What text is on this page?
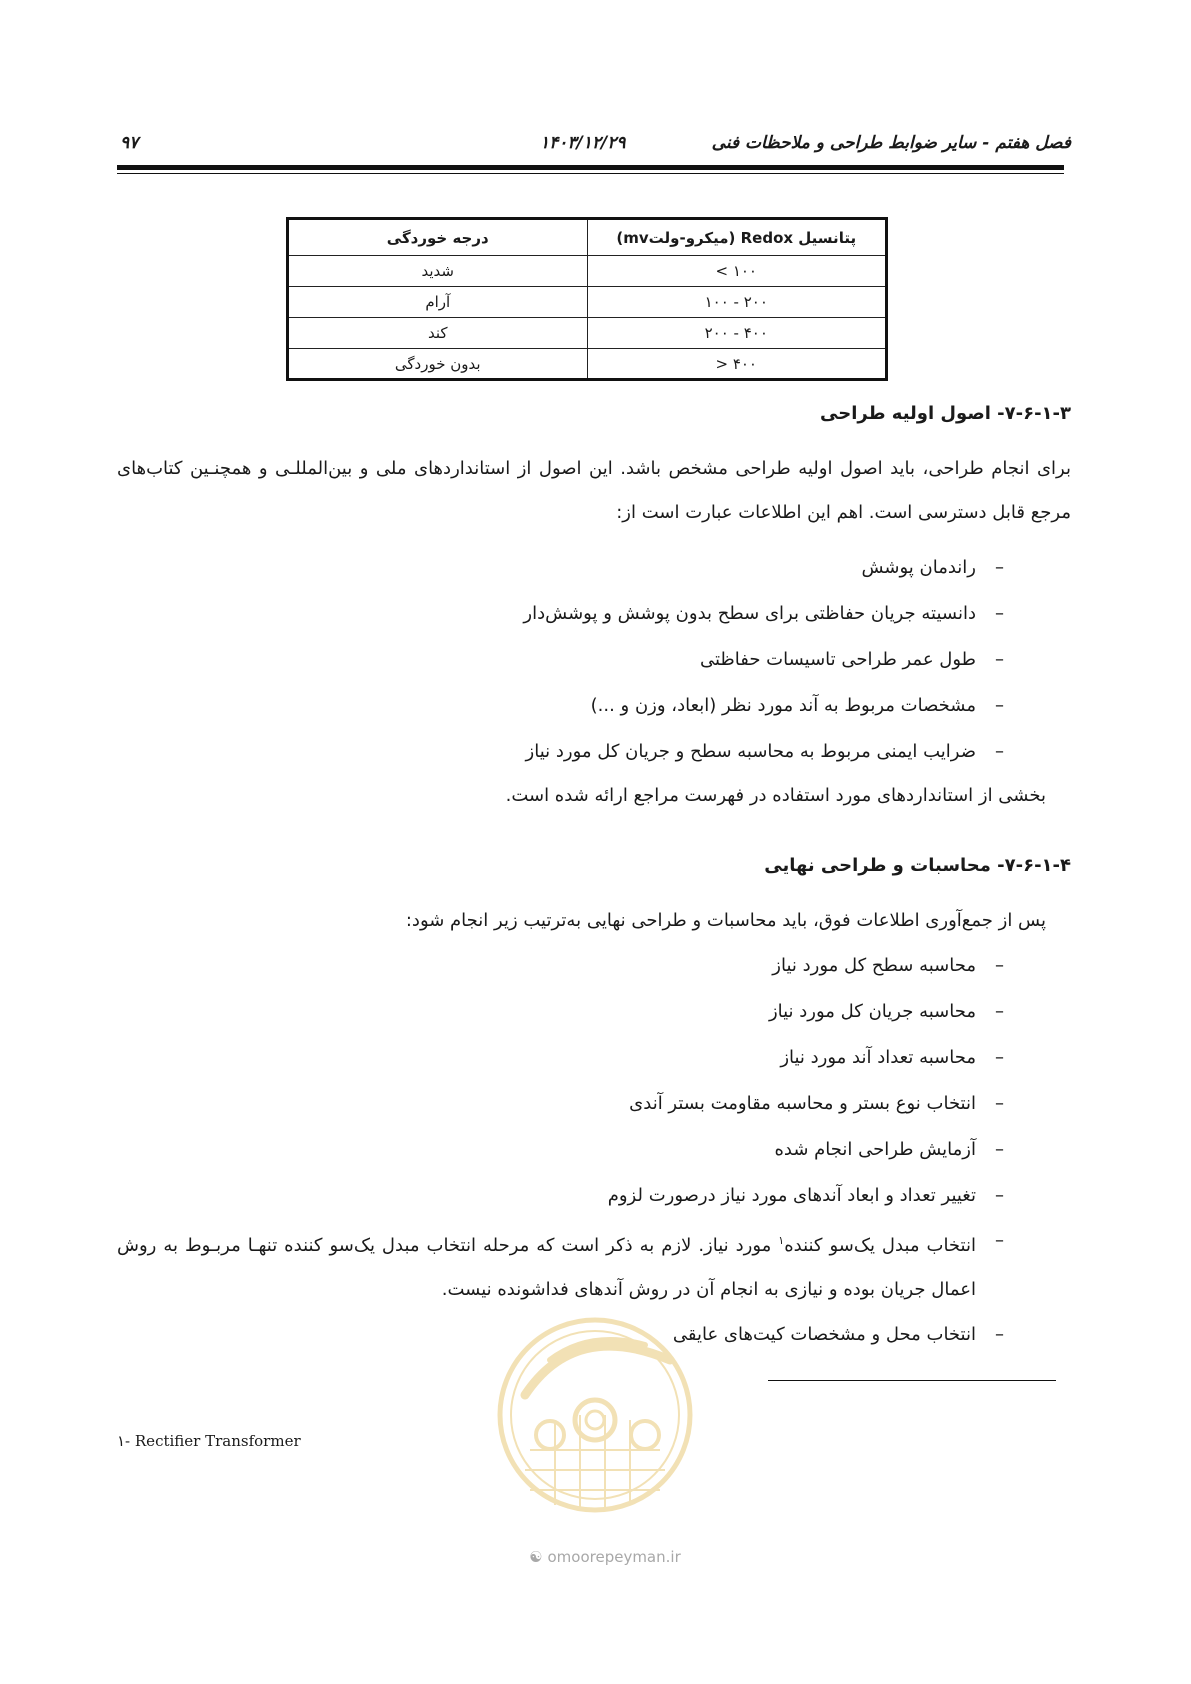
فصل هفتم - سایر ضوابط طراحی و ملاحظات فنی
۱۴۰۳/۱۲/۲۹
۹۷
پتانسیل Redox (میکرو-ولتmv)	درجه خوردگی
< ۱۰۰	شدید
۱۰۰ - ۲۰۰	آرام
۲۰۰ - ۴۰۰	کند
> ۴۰۰	بدون خوردگی
۷-۶-۱-۳- اصول اولیه طراحی
برای انجام طراحی، باید اصول اولیه طراحی مشخص باشد. این اصول از استانداردهای ملی و بین‌المللـی و همچنـین کتاب‌های مرجع قابل دسترسی است. اهم این اطلاعات عبارت است از:
–
راندمان پوشش
–
دانسیته جریان حفاظتی برای سطح بدون پوشش و پوشش‌دار
–
طول عمر طراحی تاسیسات حفاظتی
–
مشخصات مربوط به آند مورد نظر (ابعاد، وزن و ...)
–
ضرایب ایمنی مربوط به محاسبه سطح و جریان کل مورد نیاز
بخشی از استانداردهای مورد استفاده در فهرست مراجع ارائه شده است.
۷-۶-۱-۴- محاسبات و طراحی نهایی
پس از جمع‌آوری اطلاعات فوق، باید محاسبات و طراحی نهایی به‌ترتیب زیر انجام شود:
–
محاسبه سطح کل مورد نیاز
–
محاسبه جریان کل مورد نیاز
–
محاسبه تعداد آند مورد نیاز
–
انتخاب نوع بستر و محاسبه مقاومت بستر آندی
–
آزمایش طراحی انجام شده
–
تغییر تعداد و ابعاد آندهای مورد نیاز درصورت لزوم
–
انتخاب مبدل یک‌سو کننده$^۱$ مورد نیاز. لازم به ذکر است که مرحله انتخاب مبدل یک‌سو کننده تنهـا مربـوط به روش اعمال جریان بوده و نیازی به انجام آن در روش آندهای فداشونده نیست.
–
انتخاب محل و مشخصات کیت‌های عایقی
۱- Rectifier Transformer
☯ omoorepeyman.ir
